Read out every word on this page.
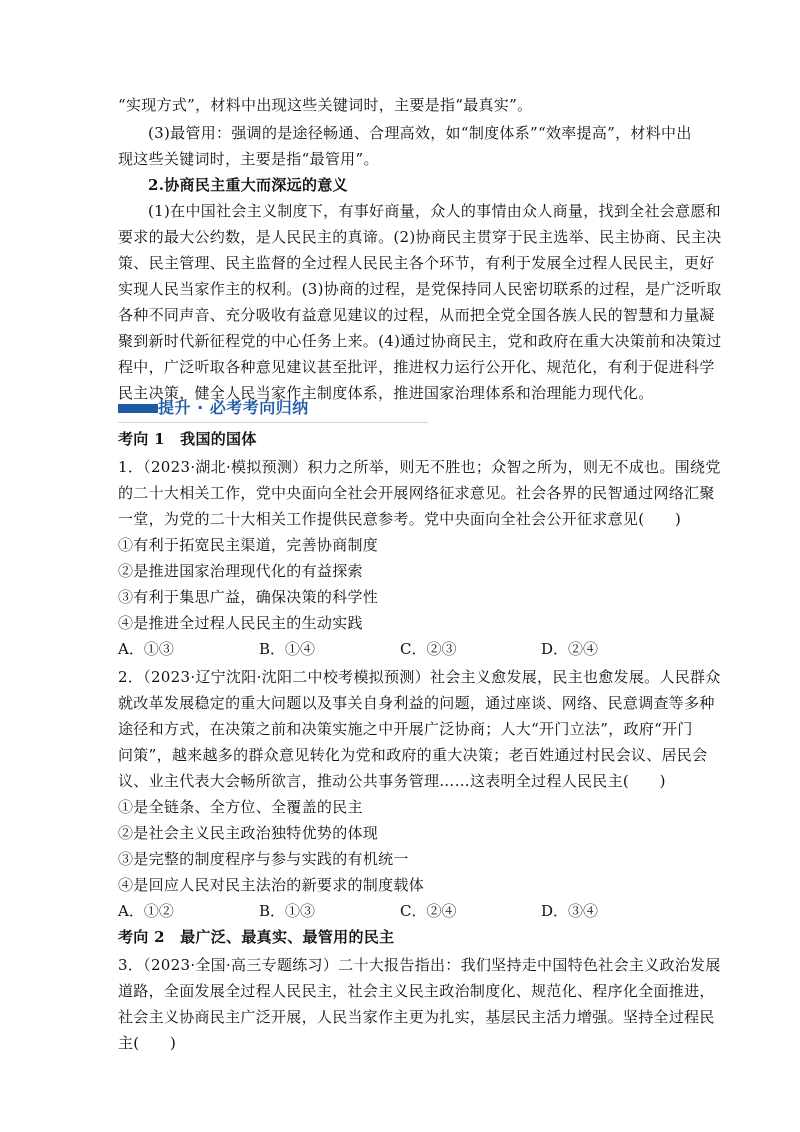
“实现方式”，材料中出现这些关键词时，主要是指“最真实”。
(3)最管用：强调的是途径畅通、合理高效，如“制度体系”“效率提高”，材料中出
现这些关键词时，主要是指“最管用”。
2.协商民主重大而深远的意义
(1)在中国社会主义制度下，有事好商量，众人的事情由众人商量，找到全社会意愿和
要求的最大公约数，是人民民主的真谛。(2)协商民主贯穿于民主选举、民主协商、民主决
策、民主管理、民主监督的全过程人民民主各个环节，有利于发展全过程人民民主，更好
实现人民当家作主的权利。(3)协商的过程，是党保持同人民密切联系的过程，是广泛听取
各种不同声音、充分吸收有益意见建议的过程，从而把全党全国各族人民的智慧和力量凝
聚到新时代新征程党的中心任务上来。(4)通过协商民主，党和政府在重大决策前和决策过
程中，广泛听取各种意见建议甚至批评，推进权力运行公开化、规范化，有利于促进科学
民主决策，健全人民当家作主制度体系，推进国家治理体系和治理能力现代化。
提升 · 必考考向归纳
考向 1　我国的国体
1．（2023·湖北·模拟预测）积力之所举，则无不胜也；众智之所为，则无不成也。围绕党
的二十大相关工作，党中央面向全社会开展网络征求意见。社会各界的民智通过网络汇聚
一堂，为党的二十大相关工作提供民意参考。党中央面向全社会公开征求意见(　　)
①有利于拓宽民主渠道，完善协商制度
②是推进国家治理现代化的有益探索
③有利于集思广益，确保决策的科学性
④是推进全过程人民民主的生动实践
A．①③	B．①④	C．②③	D．②④
2．（2023·辽宁沈阳·沈阳二中校考模拟预测）社会主义愈发展，民主也愈发展。人民群众
就改革发展稳定的重大问题以及事关自身利益的问题，通过座谈、网络、民意调查等多种
途径和方式，在决策之前和决策实施之中开展广泛协商；人大“开门立法”，政府“开门
问策”，越来越多的群众意见转化为党和政府的重大决策；老百姓通过村民会议、居民会
议、业主代表大会畅所欲言，推动公共事务管理……这表明全过程人民民主(　　)
①是全链条、全方位、全覆盖的民主
②是社会主义民主政治独特优势的体现
③是完整的制度程序与参与实践的有机统一
④是回应人民对民主法治的新要求的制度载体
A．①②	B．①③	C．②④	D．③④
考向 2　最广泛、最真实、最管用的民主
3．（2023·全国·高三专题练习）二十大报告指出：我们坚持走中国特色社会主义政治发展
道路，全面发展全过程人民民主，社会主义民主政治制度化、规范化、程序化全面推进，
社会主义协商民主广泛开展，人民当家作主更为扎实，基层民主活力增强。坚持全过程民
主(　　)
